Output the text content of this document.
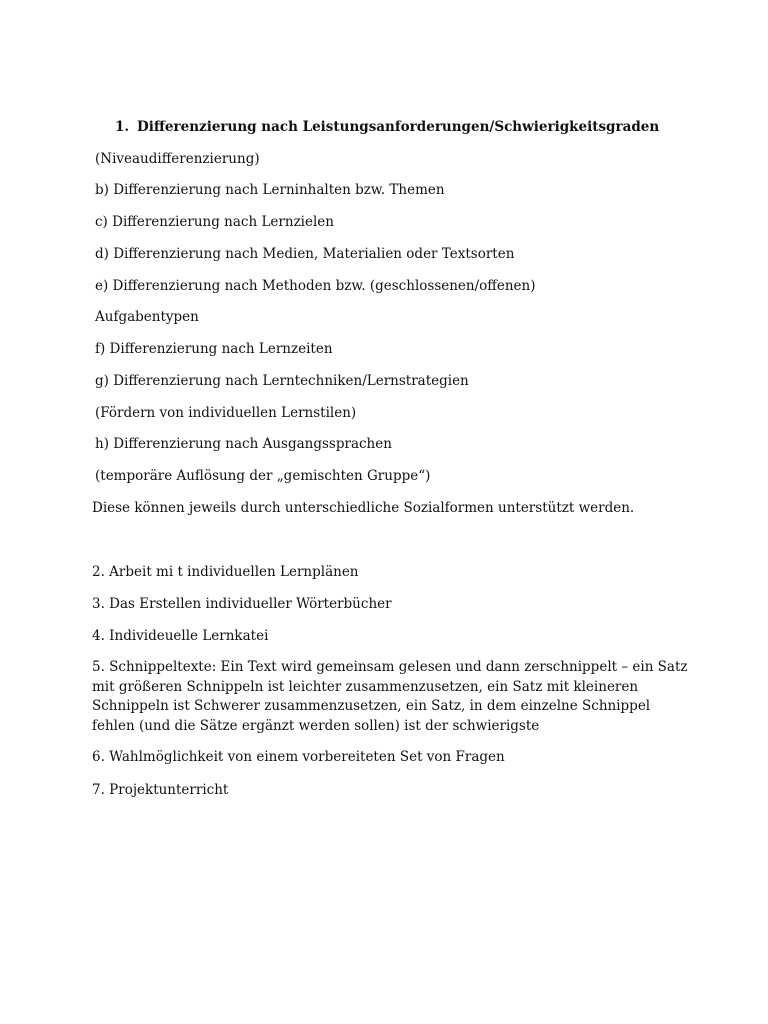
1. Differenzierung nach Leistungsanforderungen/Schwierigkeitsgraden

(Niveaudifferenzierung)

b) Differenzierung nach Lerninhalten bzw. Themen

c) Differenzierung nach Lernzielen

d) Differenzierung nach Medien, Materialien oder Textsorten

e) Differenzierung nach Methoden bzw. (geschlossenen/offenen)

Aufgabentypen

f) Differenzierung nach Lernzeiten

g) Differenzierung nach Lerntechniken/Lernstrategien

(Fördern von individuellen Lernstilen)

h) Differenzierung nach Ausgangssprachen

(temporäre Auflösung der „gemischten Gruppe“)

Diese können jeweils durch unterschiedliche Sozialformen unterstützt werden.

2. Arbeit mi t individuellen Lernplänen

3. Das Erstellen individueller Wörterbücher

4. Individeuelle Lernkatei

5. Schnippeltexte: Ein Text wird gemeinsam gelesen und dann zerschnippelt – ein Satz mit größeren Schnippeln ist leichter zusammenzusetzen, ein Satz mit kleineren Schnippeln ist Schwerer zusammenzusetzen, ein Satz, in dem einzelne Schnippel fehlen (und die Sätze ergänzt werden sollen) ist der schwierigste

6. Wahlmöglichkeit von einem vorbereiteten Set von Fragen

7. Projektunterricht
